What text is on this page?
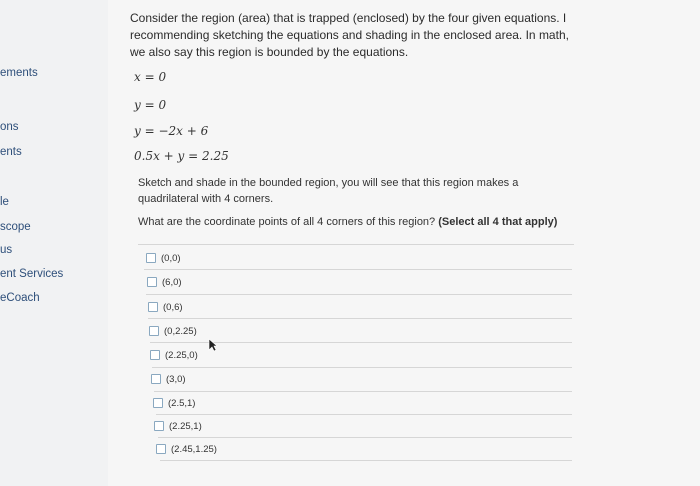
ements
ons
ents
le
scope
us
ent Services
eCoach
Consider the region (area) that is trapped (enclosed) by the four given equations. I recommending sketching the equations and shading in the enclosed area. In math, we also say this region is bounded by the equations.
x = 0
y = 0
y = −2x + 6
0.5x + y = 2.25
Sketch and shade in the bounded region, you will see that this region makes a quadrilateral with 4 corners.
What are the coordinate points of all 4 corners of this region? (Select all 4 that apply)
(0,0)
(6,0)
(0,6)
(0,2.25)
(2.25,0)
(3,0)
(2.5,1)
(2.25,1)
(2.45,1.25)
